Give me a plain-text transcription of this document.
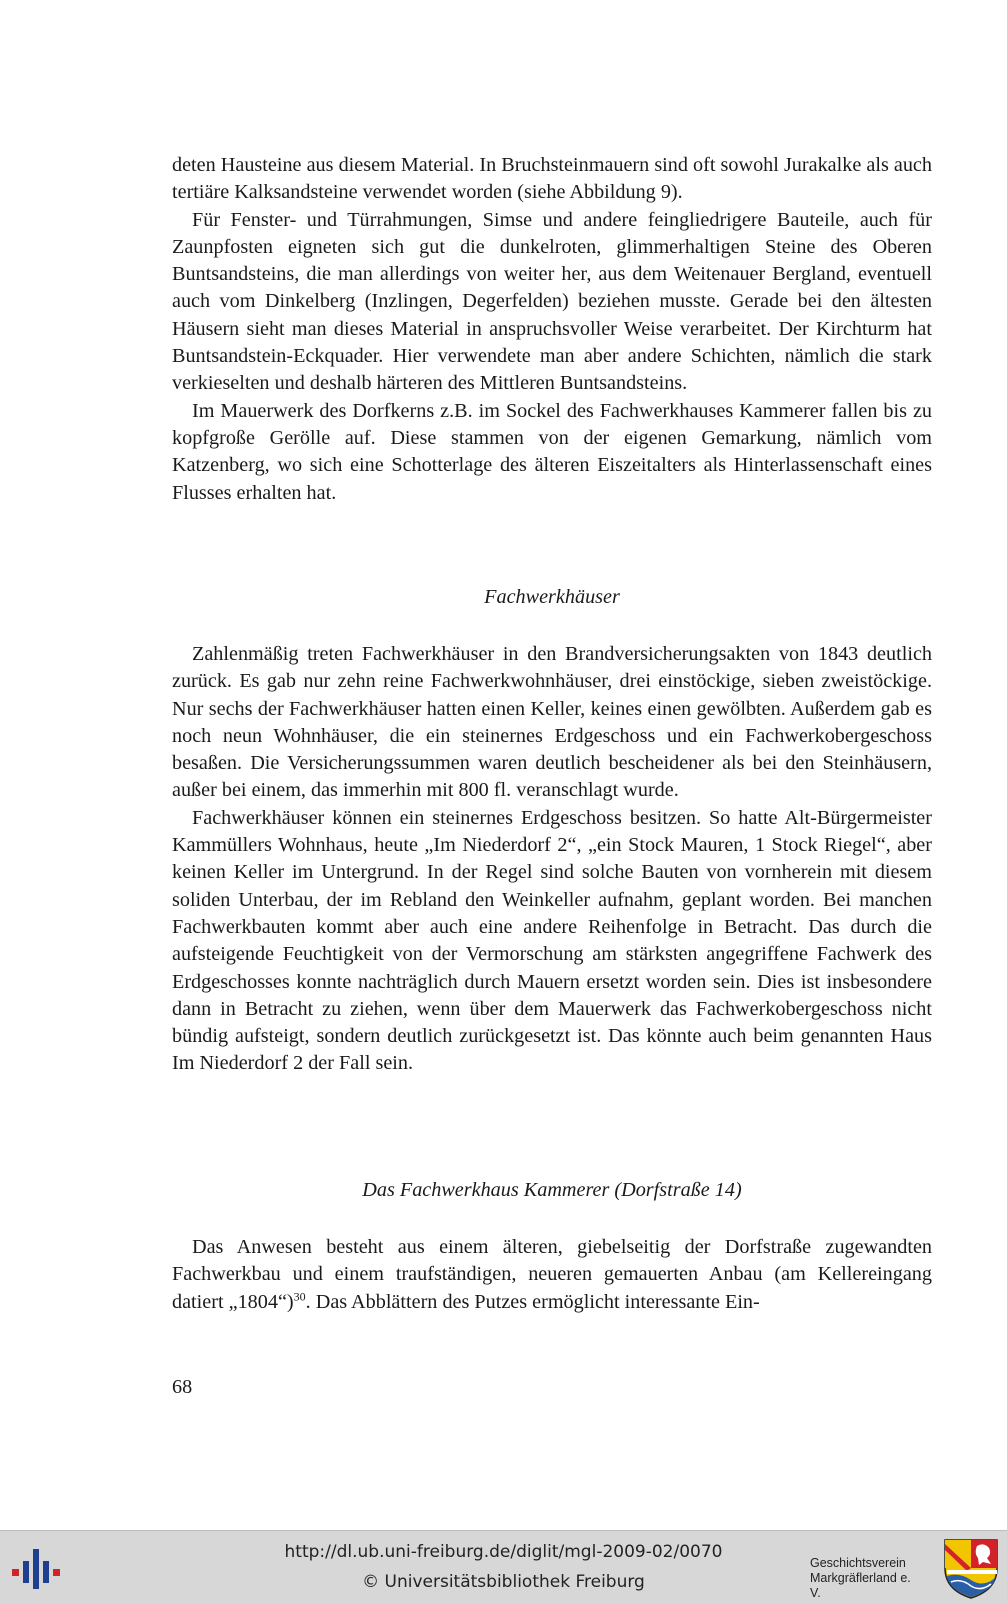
deten Hausteine aus diesem Material. In Bruchsteinmauern sind oft sowohl Jurakalke als auch tertiäre Kalksandsteine verwendet worden (siehe Abbildung 9).

Für Fenster- und Türrahmungen, Simse und andere feingliedrigere Bauteile, auch für Zaunpfosten eigneten sich gut die dunkelroten, glimmerhaltigen Steine des Oberen Buntsandsteins, die man allerdings von weiter her, aus dem Weitenauer Bergland, eventuell auch vom Dinkelberg (Inzlingen, Degerfelden) beziehen musste. Gerade bei den ältesten Häusern sieht man dieses Material in anspruchsvoller Weise verarbeitet. Der Kirchturm hat Buntsandstein-Eckquader. Hier verwendete man aber andere Schichten, nämlich die stark verkieselten und deshalb härteren des Mittleren Buntsandsteins.

Im Mauerwerk des Dorfkerns z.B. im Sockel des Fachwerkhauses Kammerer fallen bis zu kopfgroße Gerölle auf. Diese stammen von der eigenen Gemarkung, nämlich vom Katzenberg, wo sich eine Schotterlage des älteren Eiszeitalters als Hinterlassenschaft eines Flusses erhalten hat.

Fachwerkhäuser

Zahlenmäßig treten Fachwerkhäuser in den Brandversicherungsakten von 1843 deutlich zurück. Es gab nur zehn reine Fachwerkwohnhäuser, drei einstöckige, sieben zweistöckige. Nur sechs der Fachwerkhäuser hatten einen Keller, keines einen gewölbten. Außerdem gab es noch neun Wohnhäuser, die ein steinernes Erdgeschoss und ein Fachwerkobergeschoss besaßen. Die Versicherungssummen waren deutlich bescheidener als bei den Steinhäusern, außer bei einem, das immerhin mit 800 fl. veranschlagt wurde.

Fachwerkhäuser können ein steinernes Erdgeschoss besitzen. So hatte Alt-Bürgermeister Kammüllers Wohnhaus, heute „Im Niederdorf 2“, „ein Stock Mauren, 1 Stock Riegel“, aber keinen Keller im Untergrund. In der Regel sind solche Bauten von vornherein mit diesem soliden Unterbau, der im Rebland den Weinkeller aufnahm, geplant worden. Bei manchen Fachwerkbauten kommt aber auch eine andere Reihenfolge in Betracht. Das durch die aufsteigende Feuchtigkeit von der Vermorschung am stärksten angegriffene Fachwerk des Erdgeschosses konnte nachträglich durch Mauern ersetzt worden sein. Dies ist insbesondere dann in Betracht zu ziehen, wenn über dem Mauerwerk das Fachwerkobergeschoss nicht bündig aufsteigt, sondern deutlich zurückgesetzt ist. Das könnte auch beim genannten Haus Im Niederdorf 2 der Fall sein.

Das Fachwerkhaus Kammerer (Dorfstraße 14)

Das Anwesen besteht aus einem älteren, giebelseitig der Dorfstraße zugewandten Fachwerkbau und einem traufständigen, neueren gemauerten Anbau (am Kellereingang datiert „1804“)$^{30}$. Das Abblättern des Putzes ermöglicht interessante Ein-

68

http://dl.ub.uni-freiburg.de/diglit/mgl-2009-02/0070

© Universitätsbibliothek Freiburg

Geschichtsverein
Markgräflerland e. V.
